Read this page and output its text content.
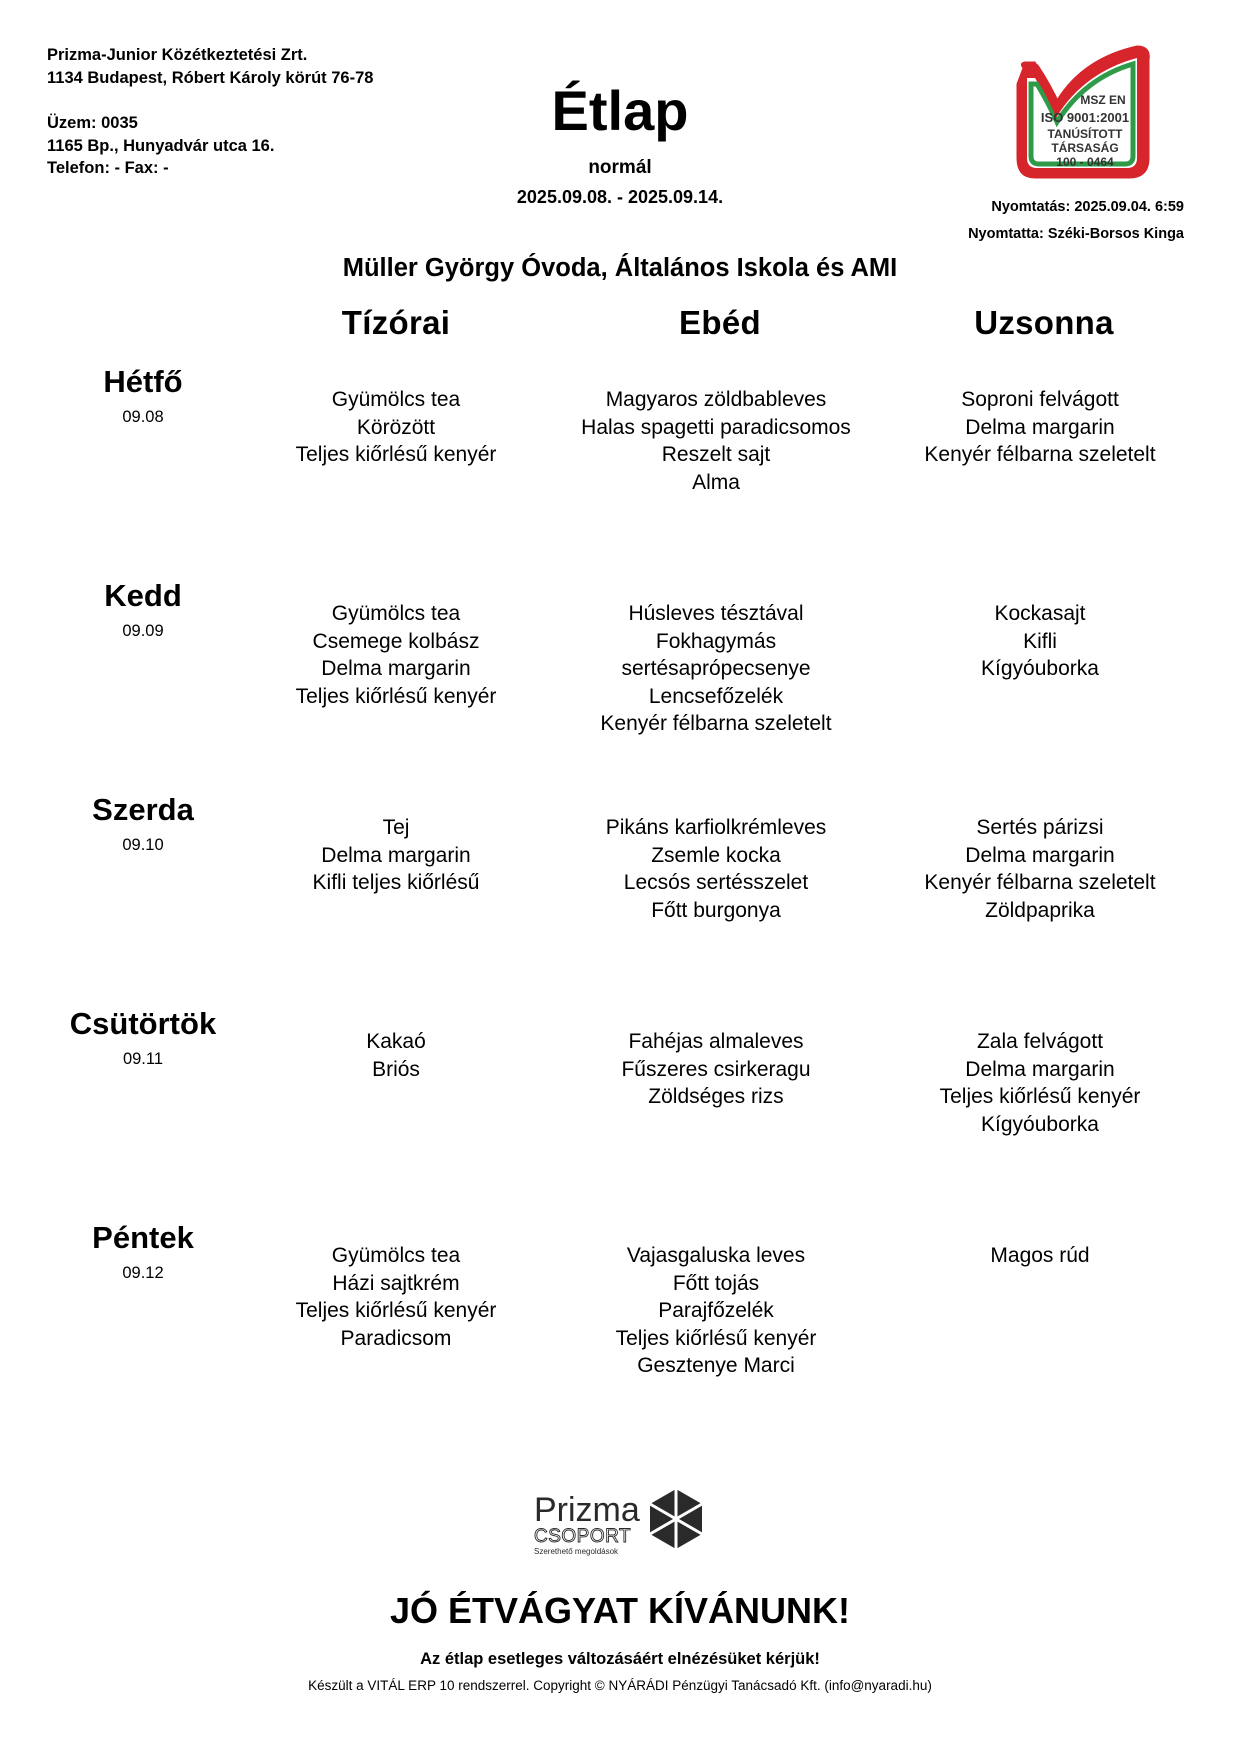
Prizma-Junior Közétkeztetési Zrt.
1134 Budapest, Róbert Károly körút 76-78
Üzem: 0035
1165 Bp., Hunyadvár utca 16.
Telefon: - Fax: -
Étlap
normál
2025.09.08. - 2025.09.14.
MSZ EN
ISO 9001:2001
TANÚSÍTOTT
TÁRSASÁG
100 - 0464
Nyomtatás: 2025.09.04. 6:59
Nyomtatta: Széki-Borsos Kinga
Müller György Óvoda, Általános Iskola és AMI
Tízórai	Ebéd	Uzsonna
Hétfő
09.08
Gyümölcs tea
Körözött
Teljes kiőrlésű kenyér
Magyaros zöldbableves
Halas spagetti paradicsomos
Reszelt sajt
Alma
Soproni felvágott
Delma margarin
Kenyér félbarna szeletelt
Kedd
09.09
Gyümölcs tea
Csemege kolbász
Delma margarin
Teljes kiőrlésű kenyér
Húsleves tésztával
Fokhagymás
sertésaprópecsenye
Lencsefőzelék
Kenyér félbarna szeletelt
Kockasajt
Kifli
Kígyóuborka
Szerda
09.10
Tej
Delma margarin
Kifli teljes kiőrlésű
Pikáns karfiolkrémleves
Zsemle kocka
Lecsós sertésszelet
Főtt burgonya
Sertés párizsi
Delma margarin
Kenyér félbarna szeletelt
Zöldpaprika
Csütörtök
09.11
Kakaó
Briós
Fahéjas almaleves
Fűszeres csirkeragu
Zöldséges rizs
Zala felvágott
Delma margarin
Teljes kiőrlésű kenyér
Kígyóuborka
Péntek
09.12
Gyümölcs tea
Házi sajtkrém
Teljes kiőrlésű kenyér
Paradicsom
Vajasgaluska leves
Főtt tojás
Parajfőzelék
Teljes kiőrlésű kenyér
Gesztenye Marci
Magos rúd
Prizma
CSOPORT
Szerethető megoldások
JÓ ÉTVÁGYAT KÍVÁNUNK!
Az étlap esetleges változásáért elnézésüket kérjük!
Készült a VITÁL ERP 10 rendszerrel. Copyright © NYÁRÁDI Pénzügyi Tanácsadó Kft. (info@nyaradi.hu)
